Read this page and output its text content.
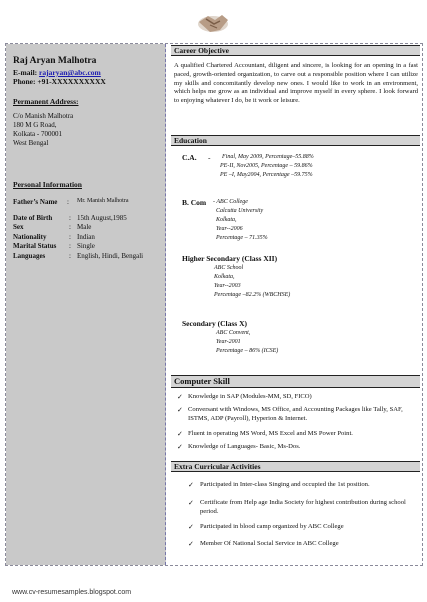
Raj Aryan Malhotra
E-mail: rajaryan@abc.com
Phone: +91-XXXXXXXXXX
Permanent Address:
C/o Manish Malhotra
180 M G Road,
Kolkata - 700001
West Bengal
Personal Information
Father’s Name	: Mr. Manish Malhotra
Date of Birth	: 15th August,1985
Sex	: Male
Nationality	: Indian
Marital Status	: Single
Languages	: English, Hindi, Bengali
Career Objective
A qualified Chartered Accountant, diligent and sincere, is looking for an opening in a fast paced, growth-oriented organization, to carve out a responsible position where I can utilize my skills and concomitantly develop new ones. I would like to work in an environment, which helps me grow as an individual and improve myself in every sphere. I look forward to enjoying whatever I do, be it work or leisure.
Education
C.A. - Final, May 2009, Percentage–55.88%
PE-II, Nov2005, Percentage – 59.86%
PE –I, May2004, Percentage –59.75%
B. Com - ABC College
Calcutta University
Kolkata,
Year--2006
Percentage – 71.35%
Higher Secondary (Class XII)
ABC School
Kolkata,
Year--2003
Percentage –82.2% (WBCHSE)
Secondary (Class X)
ABC Convent,
Year-2001
Percentage – 86% (ICSE)
Computer Skill
✓ Knowledge in SAP (Modules-MM, SD, FICO)
✓ Conversant with Windows, MS Office, and Accounting Packages like Tally, SAF, ISTMS, ADP (Payroll), Hyperion & Internet.
✓ Fluent in operating MS Word, MS Excel and MS Power Point.
✓ Knowledge of Languages- Basic, Ms-Dos.
Extra Curricular Activities
✓ Participated in Inter-class Singing and occupied the 1st position.
✓ Certificate from Help age India Society for highest contribution during school period.
✓ Participated in blood camp organized by ABC College
✓ Member Of National Social Service in ABC College
www.cv-resumesamples.blogspot.com
